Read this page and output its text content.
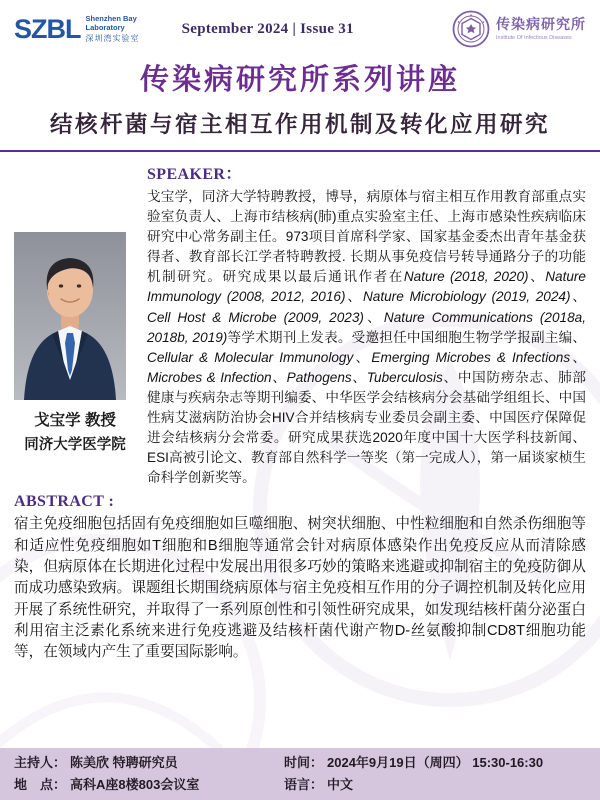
SZBL Shenzhen Bay
Laboratory
深圳湾实验室
September 2024 | Issue 31	传染病研究所
Institute Of Infectious Diseases
传染病研究所系列讲座
结核杆菌与宿主相互作用机制及转化应用研究
戈宝学 教授
同济大学医学院
SPEAKER：
戈宝学，同济大学特聘教授，博导，病原体与宿主相互作用教育部重点实验室负责人、上海市结核病(肺)重点实验室主任、上海市感染性疾病临床研究中心常务副主任。973项目首席科学家、国家基金委杰出青年基金获得者、教育部长江学者特聘教授. 长期从事免疫信号转导通路分子的功能机制研究。研究成果以最后通讯作者在Nature (2018, 2020)、Nature Immunology (2008, 2012, 2016)、Nature Microbiology (2019, 2024)、Cell Host & Microbe (2009, 2023)、Nature Communications (2018a, 2018b, 2019)等学术期刊上发表。受邀担任中国细胞生物学学报副主编、Cellular & Molecular Immunology、Emerging Microbes & Infections、Microbes & Infection、Pathogens、Tuberculosis、中国防痨杂志、肺部健康与疾病杂志等期刊编委、中华医学会结核病分会基础学组组长、中国性病艾滋病防治协会HIV合并结核病专业委员会副主委、中国医疗保障促进会结核病分会常委。研究成果获选2020年度中国十大医学科技新闻、ESI高被引论文、教育部自然科学一等奖（第一完成人），第一届谈家桢生命科学创新奖等。
ABSTRACT :
宿主免疫细胞包括固有免疫细胞如巨噬细胞、树突状细胞、中性粒细胞和自然杀伤细胞等和适应性免疫细胞如T细胞和B细胞等通常会针对病原体感染作出免疫反应从而清除感染，但病原体在长期进化过程中发展出用很多巧妙的策略来逃避或抑制宿主的免疫防御从而成功感染致病。课题组长期围绕病原体与宿主免疫相互作用的分子调控机制及转化应用开展了系统性研究，并取得了一系列原创性和引领性研究成果，如发现结核杆菌分泌蛋白利用宿主泛素化系统来进行免疫逃避及结核杆菌代谢产物D-丝氨酸抑制CD8T细胞功能等，在领域内产生了重要国际影响。
主持人： 陈美欣 特聘研究员
地　点： 高科A座8楼803会议室
时间： 2024年9月19日（周四） 15:30-16:30
语言： 中文
